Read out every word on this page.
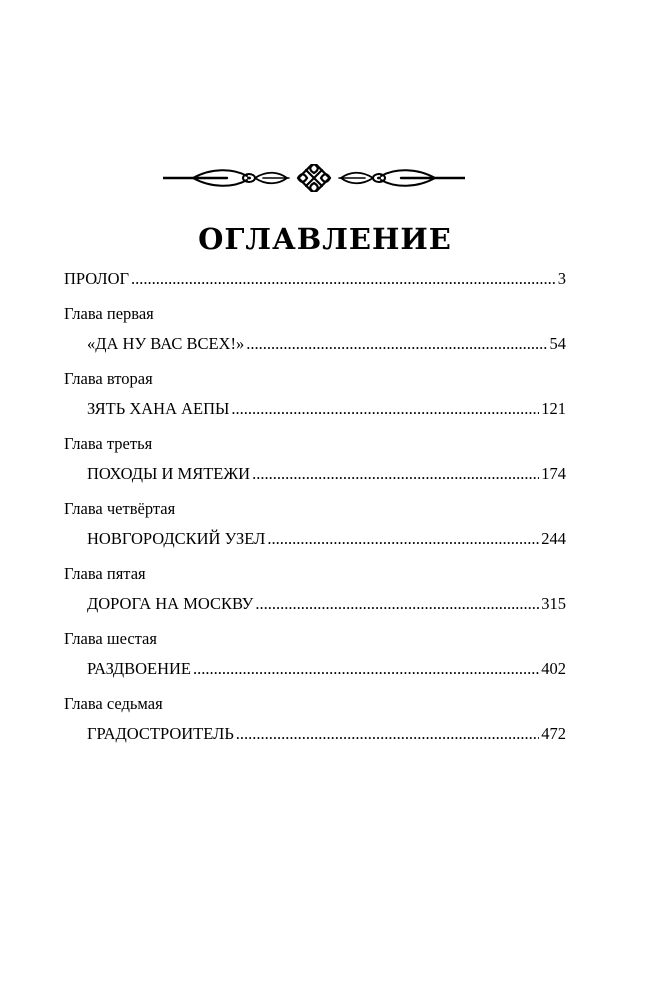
ОГЛАВЛЕНИЕ
ПРОЛОГ .....	3
Глава первая
«ДА НУ ВАС ВСЕХ!» .....	54
Глава вторая
ЗЯТЬ ХАНА АЕПЫ .....	121
Глава третья
ПОХОДЫ И МЯТЕЖИ .....	174
Глава четвёртая
НОВГОРОДСКИЙ УЗЕЛ .....	244
Глава пятая
ДОРОГА НА МОСКВУ .....	315
Глава шестая
РАЗДВОЕНИЕ .....	402
Глава седьмая
ГРАДОСТРОИТЕЛЬ .....	472
